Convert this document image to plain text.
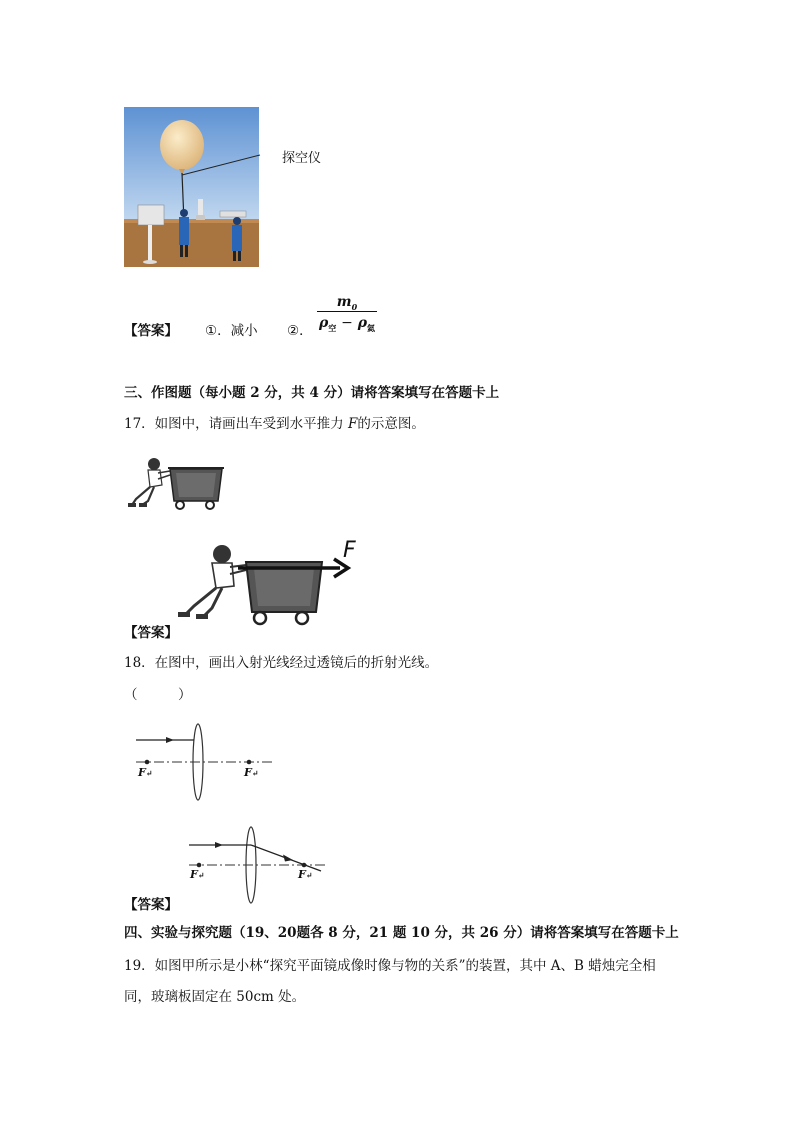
探空仪
【答案】 ①．减小 ②．
$m_0$
$\rho_空 - \rho_氦$
三、作图题（每小题 2 分，共 4 分）请将答案填写在答题卡上
17．如图中，请画出车受到水平推力 F的示意图。
F
【答案】
18．在图中，画出入射光线经过透镜后的折射光线。
（　　　）
F↵	F↵
F↵	F↵
【答案】
四、实验与探究题（19、20题各 8 分，21 题 10 分，共 26 分）请将答案填写在答题卡上
19．如图甲所示是小林“探究平面镜成像时像与物的关系”的装置，其中 A、B 蜡烛完全相
同，玻璃板固定在 50cm 处。
